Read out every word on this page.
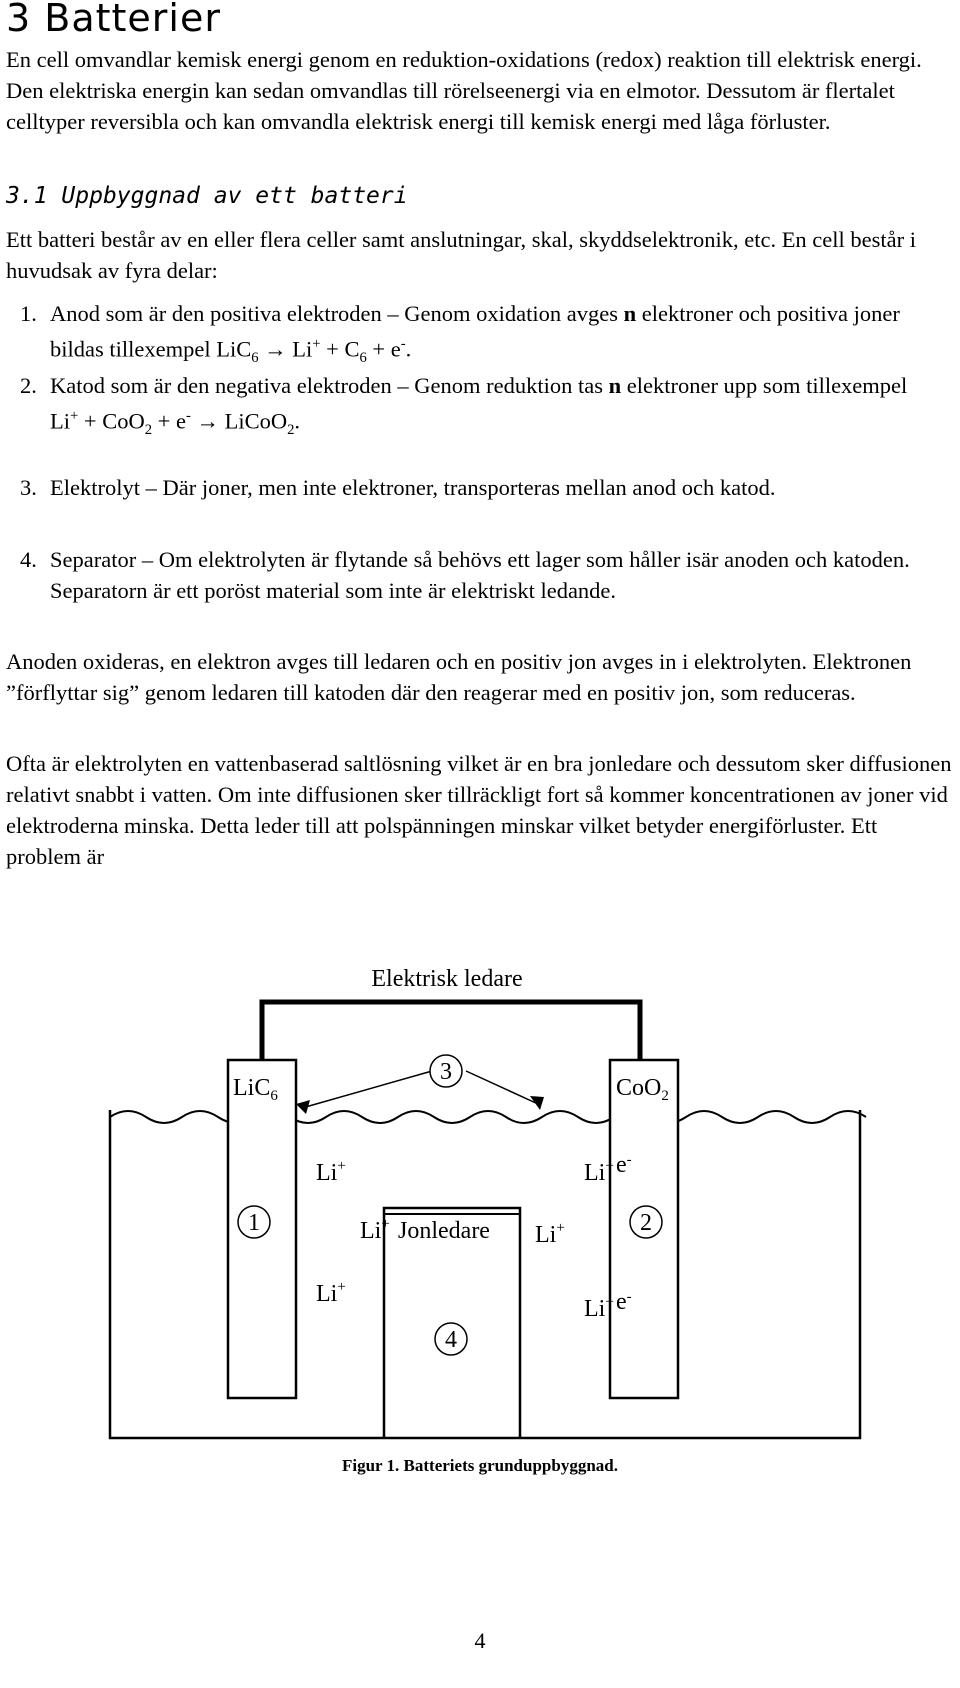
3 Batterier

En cell omvandlar kemisk energi genom en reduktion-oxidations (redox) reaktion till elektrisk energi. Den elektriska energin kan sedan omvandlas till rörelseenergi via en elmotor. Dessutom är flertalet celltyper reversibla och kan omvandla elektrisk energi till kemisk energi med låga förluster.

3.1 Uppbyggnad av ett batteri

Ett batteri består av en eller flera celler samt anslutningar, skal, skyddselektronik, etc. En cell består i huvudsak av fyra delar:

1. Anod som är den positiva elektroden – Genom oxidation avges n elektroner och positiva joner bildas tillexempel $LiC_6 \to Li^+ + C_6 + e^-$.
2. Katod som är den negativa elektroden – Genom reduktion tas n elektroner upp som tillexempel
Li+ + CoO$_2$ + e- → LiCoO$_2$.
3. Elektrolyt – Där joner, men inte elektroner, transporteras mellan anod och katod.
4. Separator – Om elektrolyten är flytande så behövs ett lager som håller isär anoden och katoden. Separatorn är ett poröst material som inte är elektriskt ledande.

Anoden oxideras, en elektron avges till ledaren och en positiv jon avges in i elektrolyten. Elektronen ”förflyttar sig” genom ledaren till katoden där den reagerar med en positiv jon, som reduceras.

Ofta är elektrolyten en vattenbaserad saltlösning vilket är en bra jonledare och dessutom sker diffusionen relativt snabbt i vatten. Om inte diffusionen sker tillräckligt fort så kommer koncentrationen av joner vid elektroderna minska. Detta leder till att polspänningen minskar vilket betyder energiförluster. Ett problem är

3
1	2
4
Elektrisk ledare
LiC$_6$	CoO$_2$
Li+	Li+ e-
Li+ Jonledare Li+
Li+
Li+ e-
Figur 1. Batteriets grunduppbyggnad.
4
